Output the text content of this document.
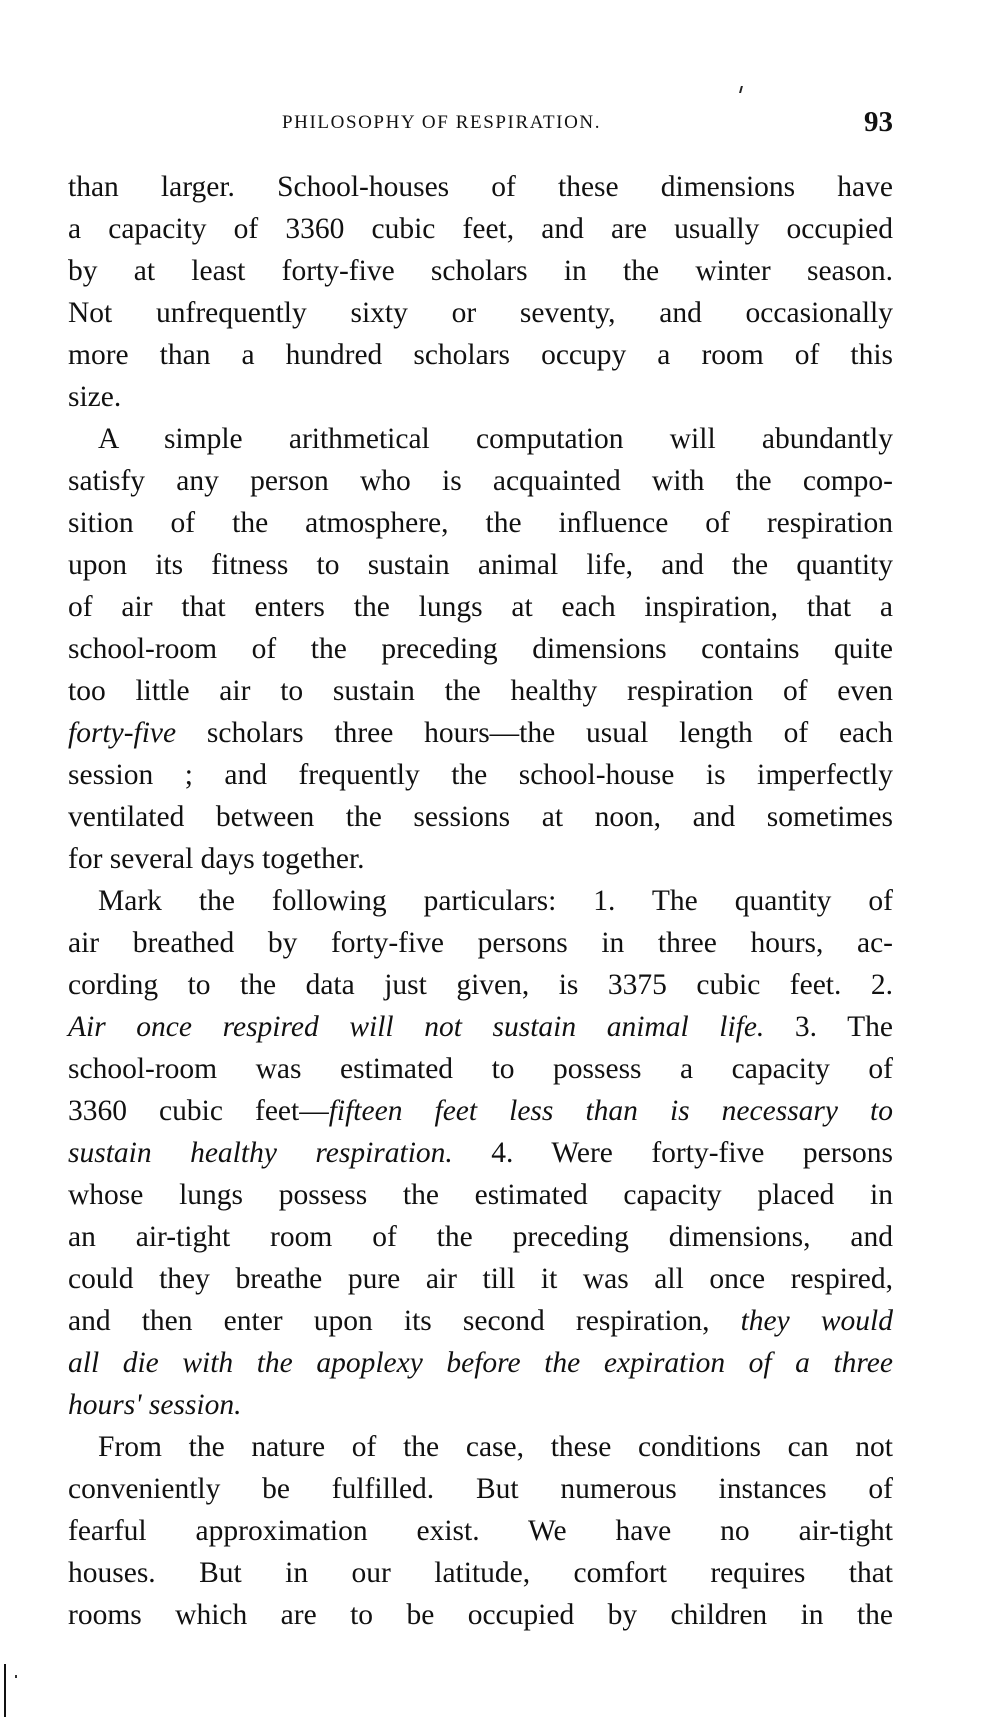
PHILOSOPHY OF RESPIRATION.	93
than larger. School-houses of these dimensions have
a capacity of 3360 cubic feet, and are usually occupied
by at least forty-five scholars in the winter season.
Not unfrequently sixty or seventy, and occasionally
more than a hundred scholars occupy a room of this
size.
A simple arithmetical computation will abundantly
satisfy any person who is acquainted with the compo-
sition of the atmosphere, the influence of respiration
upon its fitness to sustain animal life, and the quantity
of air that enters the lungs at each inspiration, that a
school-room of the preceding dimensions contains quite
too little air to sustain the healthy respiration of even
forty-five scholars three hours—the usual length of each
session ; and frequently the school-house is imperfectly
ventilated between the sessions at noon, and sometimes
for several days together.
Mark the following particulars: 1. The quantity of
air breathed by forty-five persons in three hours, ac-
cording to the data just given, is 3375 cubic feet. 2.
Air once respired will not sustain animal life. 3. The
school-room was estimated to possess a capacity of
3360 cubic feet—fifteen feet less than is necessary to
sustain healthy respiration. 4. Were forty-five persons
whose lungs possess the estimated capacity placed in
an air-tight room of the preceding dimensions, and
could they breathe pure air till it was all once respired,
and then enter upon its second respiration, they would
all die with the apoplexy before the expiration of a three
hours' session.
From the nature of the case, these conditions can not
conveniently be fulfilled. But numerous instances of
fearful approximation exist. We have no air-tight
houses. But in our latitude, comfort requires that
rooms which are to be occupied by children in the
